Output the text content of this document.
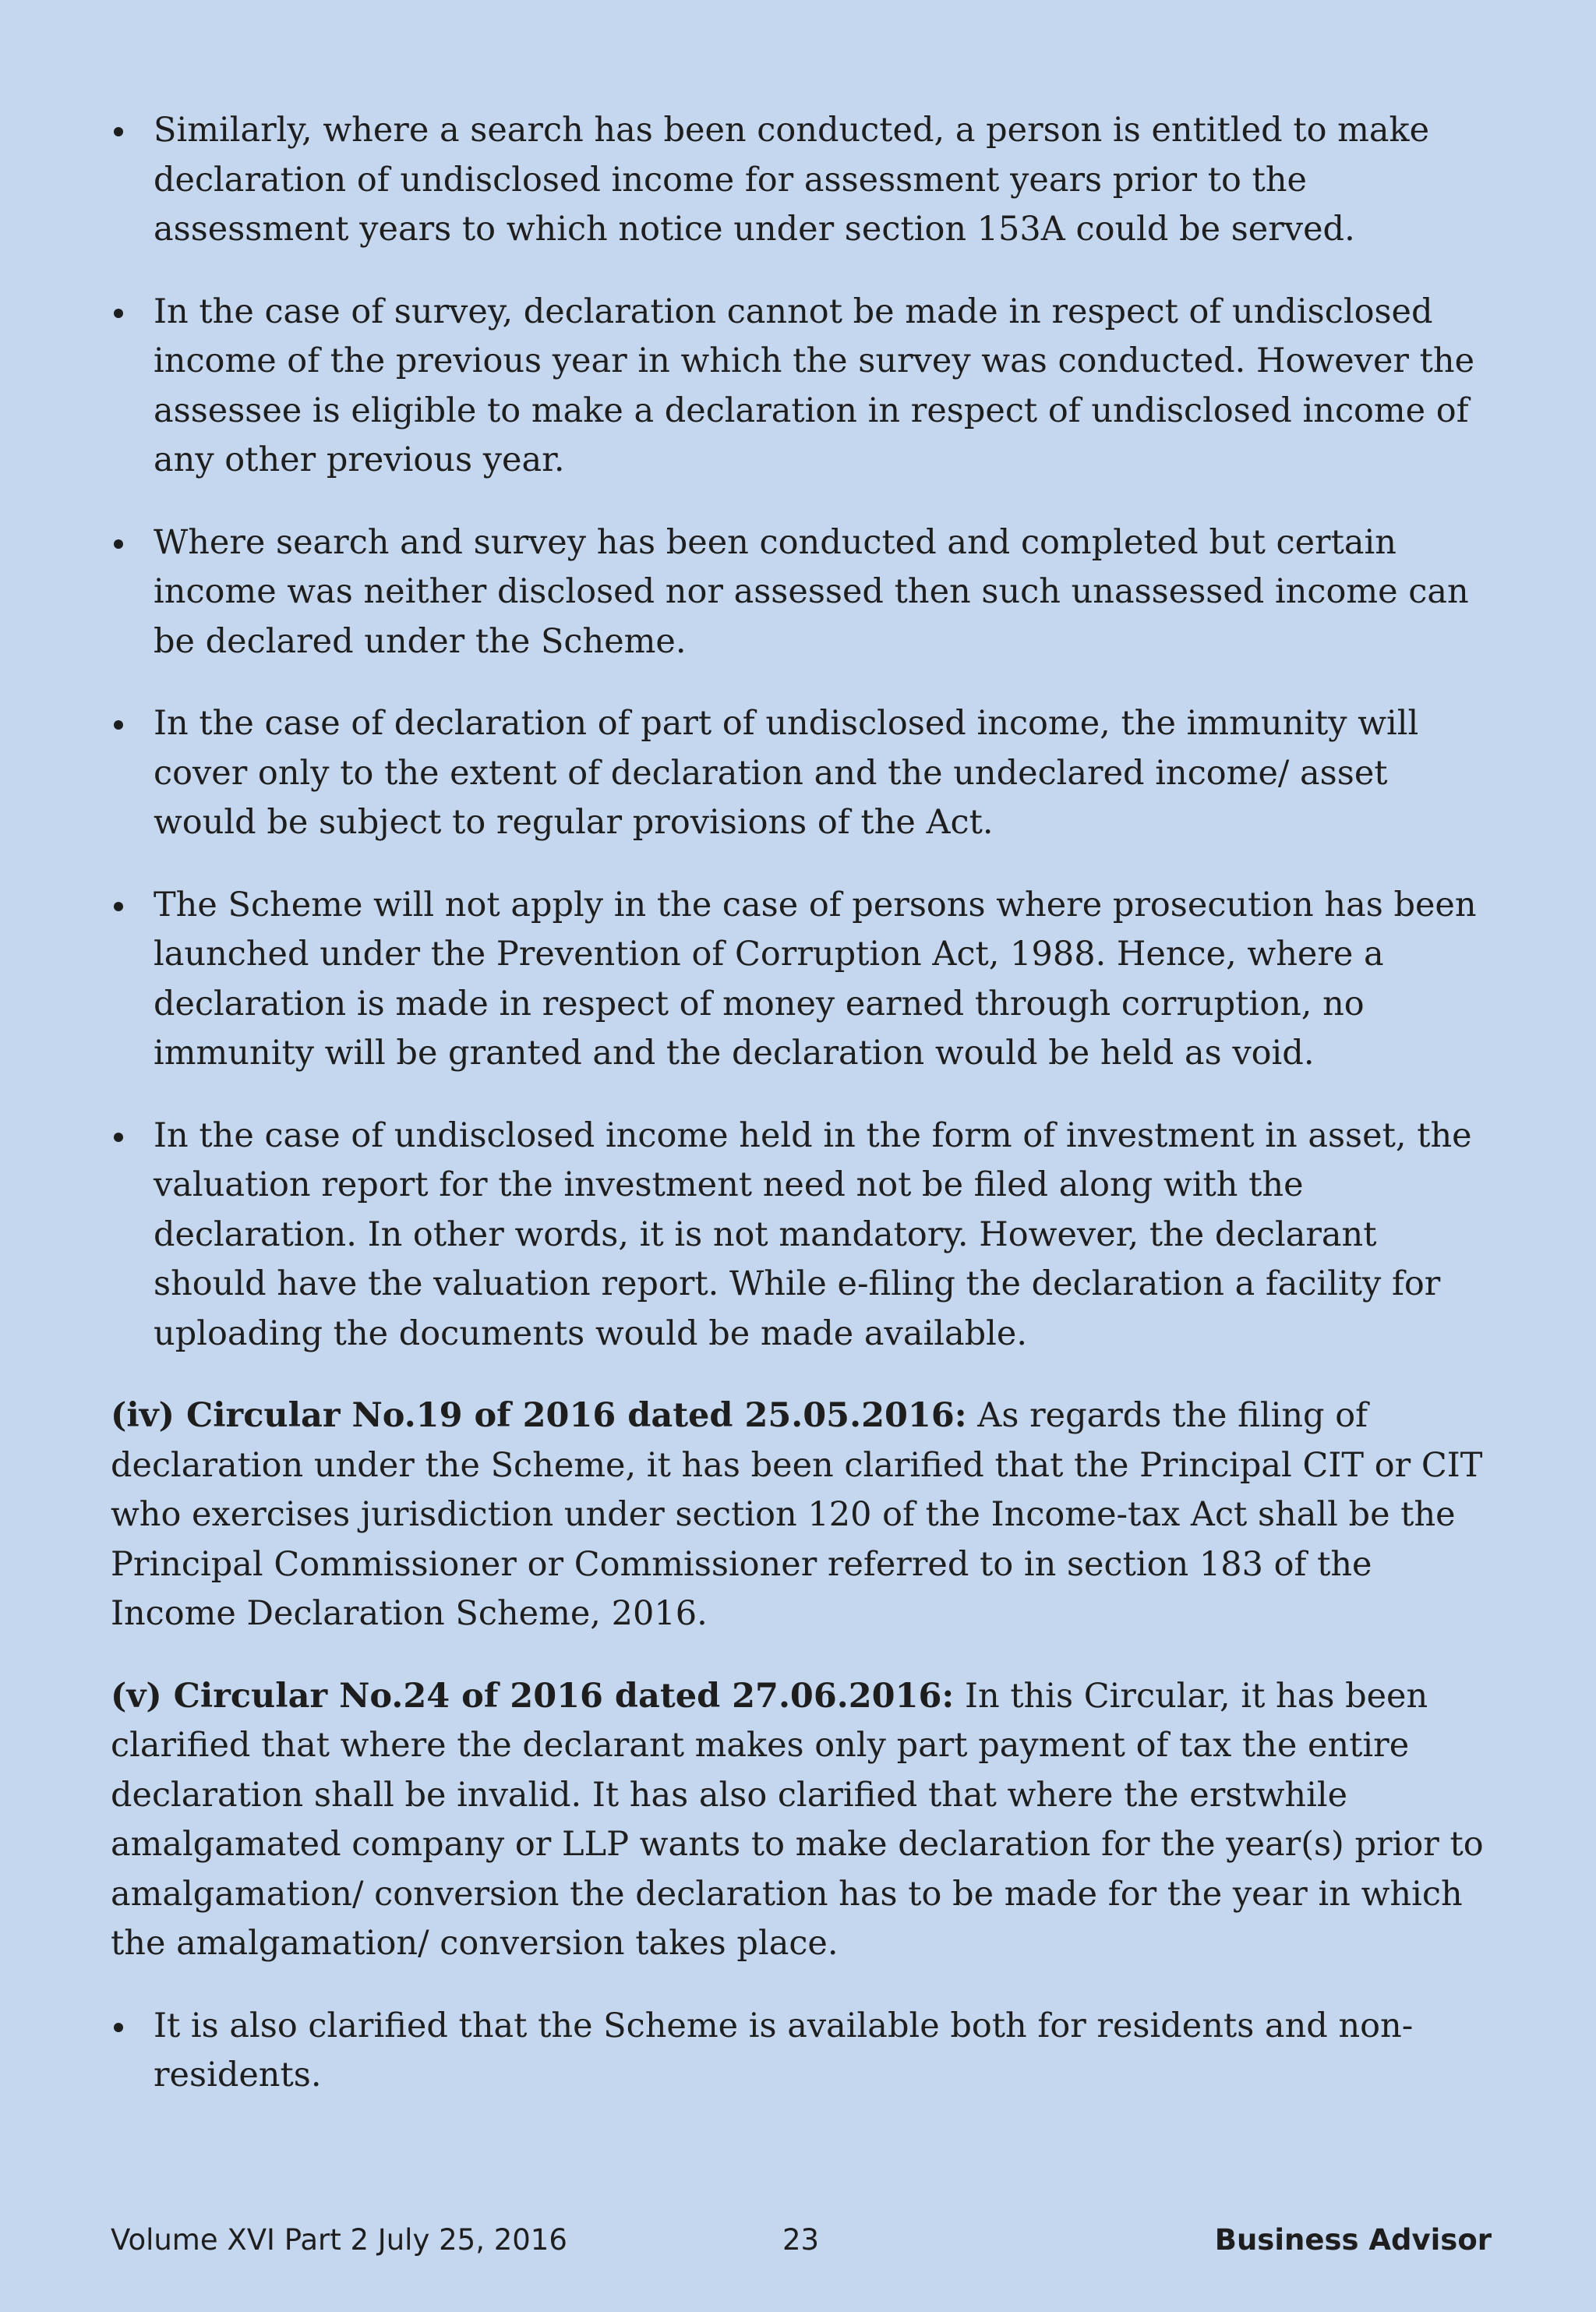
Similarly, where a search has been conducted, a person is entitled to make declaration of undisclosed income for assessment years prior to the assessment years to which notice under section 153A could be served.
In the case of survey, declaration cannot be made in respect of undisclosed income of the previous year in which the survey was conducted. However the assessee is eligible to make a declaration in respect of undisclosed income of any other previous year.
Where search and survey has been conducted and completed but certain income was neither disclosed nor assessed then such unassessed income can be declared under the Scheme.
In the case of declaration of part of undisclosed income, the immunity will cover only to the extent of declaration and the undeclared income/ asset would be subject to regular provisions of the Act.
The Scheme will not apply in the case of persons where prosecution has been launched under the Prevention of Corruption Act, 1988. Hence, where a declaration is made in respect of money earned through corruption, no immunity will be granted and the declaration would be held as void.
In the case of undisclosed income held in the form of investment in asset, the valuation report for the investment need not be filed along with the declaration. In other words, it is not mandatory. However, the declarant should have the valuation report. While e-filing the declaration a facility for uploading the documents would be made available.

(iv) Circular No.19 of 2016 dated 25.05.2016: As regards the filing of declaration under the Scheme, it has been clarified that the Principal CIT or CIT who exercises jurisdiction under section 120 of the Income-tax Act shall be the Principal Commissioner or Commissioner referred to in section 183 of the Income Declaration Scheme, 2016.

(v) Circular No.24 of 2016 dated 27.06.2016: In this Circular, it has been clarified that where the declarant makes only part payment of tax the entire declaration shall be invalid. It has also clarified that where the erstwhile amalgamated company or LLP wants to make declaration for the year(s) prior to amalgamation/ conversion the declaration has to be made for the year in which the amalgamation/ conversion takes place.

It is also clarified that the Scheme is available both for residents and non-residents.
Volume XVI Part 2 July 25, 2016	23	Business Advisor
